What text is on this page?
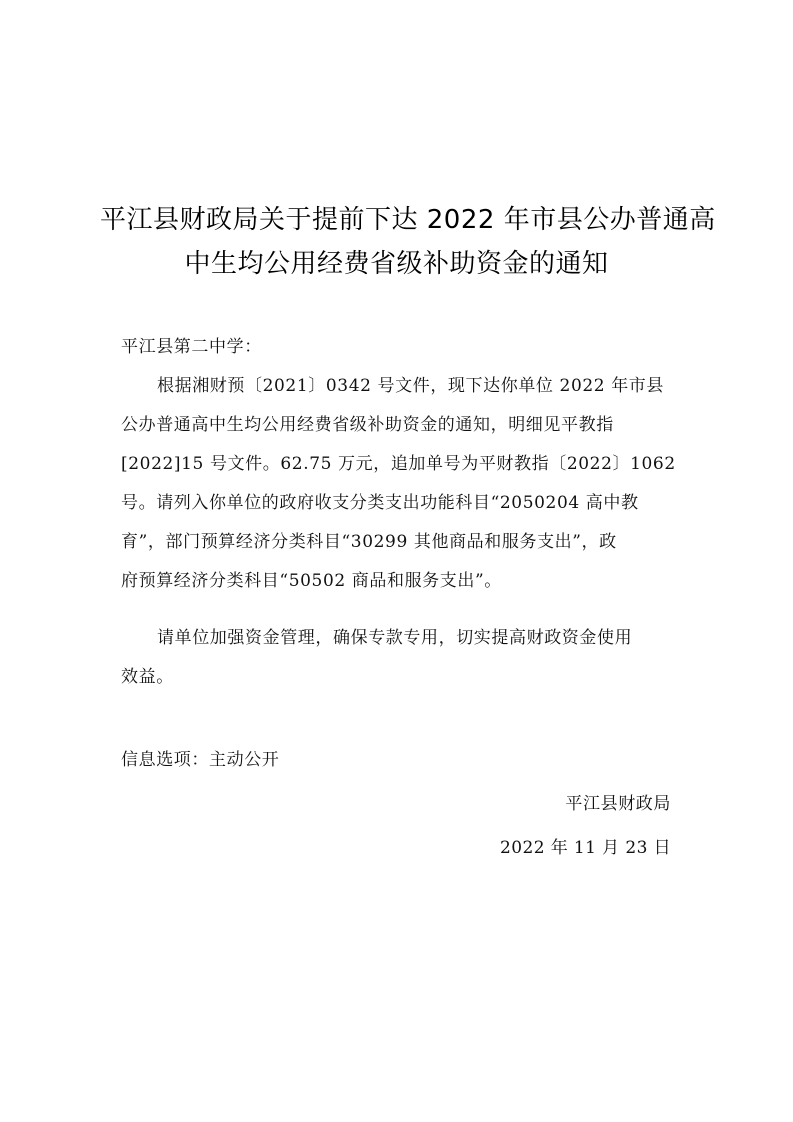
平江县财政局关于提前下达 2022 年市县公办普通高
中生均公用经费省级补助资金的通知

平江县第二中学：

根据湘财预〔2021〕0342 号文件，现下达你单位 2022 年市县
公办普通高中生均公用经费省级补助资金的通知，明细见平教指
[2022]15 号文件。62.75 万元，追加单号为平财教指〔2022〕1062
号。请列入你单位的政府收支分类支出功能科目“2050204 高中教
育”，部门预算经济分类科目“30299 其他商品和服务支出”，政
府预算经济分类科目“50502 商品和服务支出”。
请单位加强资金管理，确保专款专用，切实提高财政资金使用
效益。

信息选项：主动公开

平江县财政局

2022 年 11 月 23 日
